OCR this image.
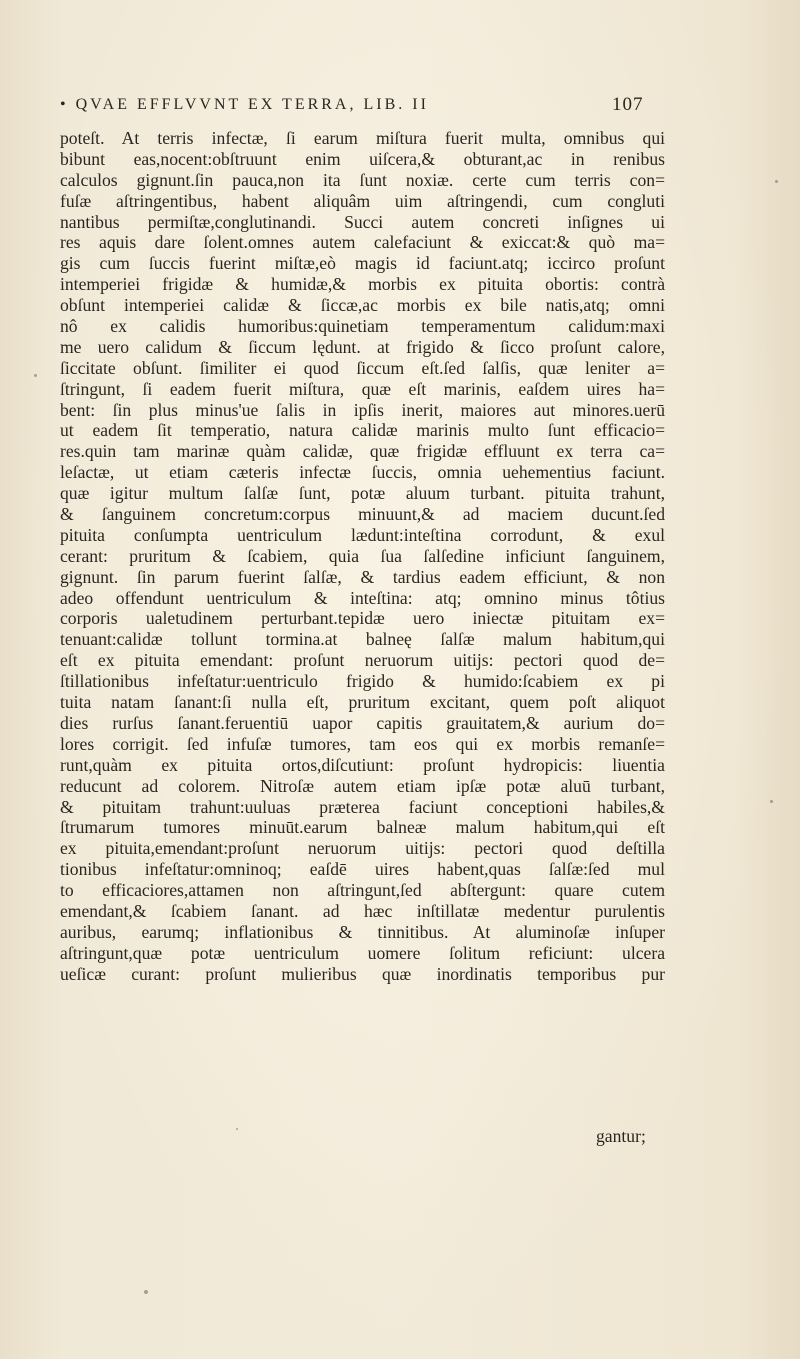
• QVAE EFFLVVNT EX TERRA, LIB. II	107
poteſt. At terris infectæ, ſi earum miſtura fuerit multa, omnibus qui
bibunt eas,nocent:obſtruunt enim uiſcera,& obturant,ac in renibus
calculos gignunt.ſin pauca,non ita ſunt noxiæ. certe cum terris con=
fuſæ aſtringentibus, habent aliquâm uim aſtringendi, cum congluti
nantibus permiſtæ,conglutinandi. Succi autem concreti inſignes ui
res aquis dare ſolent.omnes autem calefaciunt & exiccat:& quò ma=
gis cum ſuccis fuerint miſtæ,eò magis id faciunt.atq; iccirco proſunt
intemperiei frigidæ & humidæ,& morbis ex pituita obortis: contrà
obſunt intemperiei calidæ & ſiccæ,ac morbis ex bile natis,atq; omni
nô ex calidis humoribus:quinetiam temperamentum calidum:maxi
me uero calidum & ſiccum lędunt. at frigido & ſicco proſunt calore,
ſiccitate obſunt. ſimiliter ei quod ſiccum eſt.ſed ſalſis, quæ leniter a=
ſtringunt, ſi eadem fuerit miſtura, quæ eſt marinis, eaſdem uires ha=
bent: ſin plus minus'ue ſalis in ipſis inerit, maiores aut minores.uerū
ut eadem ſit temperatio, natura calidæ marinis multo ſunt efficacio=
res.quin tam marinæ quàm calidæ, quæ frigidæ effluunt ex terra ca=
leſactæ, ut etiam cæteris infectæ ſuccis, omnia uehementius faciunt.
quæ igitur multum ſalſæ ſunt, potæ aluum turbant. pituita trahunt,
& ſanguinem concretum:corpus minuunt,& ad maciem ducunt.ſed
pituita conſumpta uentriculum lædunt:inteſtina corrodunt, & exul
cerant: pruritum & ſcabiem, quia ſua ſalſedine inficiunt ſanguinem,
gignunt. ſin parum fuerint ſalſæ, & tardius eadem efficiunt, & non
adeo offendunt uentriculum & inteſtina: atq; omnino minus tôtius
corporis ualetudinem perturbant.tepidæ uero iniectæ pituitam ex=
tenuant:calidæ tollunt tormina.at balneę ſalſæ malum habitum,qui
eſt ex pituita emendant: proſunt neruorum uitijs: pectori quod de=
ſtillationibus infeſtatur:uentriculo frigido & humido:ſcabiem ex pi
tuita natam ſanant:ſi nulla eſt, pruritum excitant, quem poſt aliquot
dies rurſus ſanant.feruentiū uapor capitis grauitatem,& aurium do=
lores corrigit. ſed infuſæ tumores, tam eos qui ex morbis remanſe=
runt,quàm ex pituita ortos,diſcutiunt: proſunt hydropicis: liuentia
reducunt ad colorem. Nitroſæ autem etiam ipſæ potæ aluū turbant,
& pituitam trahunt:uuluas præterea faciunt conceptioni habiles,&
ſtrumarum tumores minuūt.earum balneæ malum habitum,qui eſt
ex pituita,emendant:proſunt neruorum uitijs: pectori quod deſtilla
tionibus infeſtatur:omninoq; eaſdē uires habent,quas ſalſæ:ſed mul
to efficaciores,attamen non aſtringunt,ſed abſtergunt: quare cutem
emendant,& ſcabiem ſanant. ad hæc inſtillatæ medentur purulentis
auribus, earumq; inflationibus & tinnitibus. At aluminoſæ inſuper
aſtringunt,quæ potæ uentriculum uomere ſolitum reficiunt: ulcera
ueſicæ curant: proſunt mulieribus quæ inordinatis temporibus pur
gantur;
